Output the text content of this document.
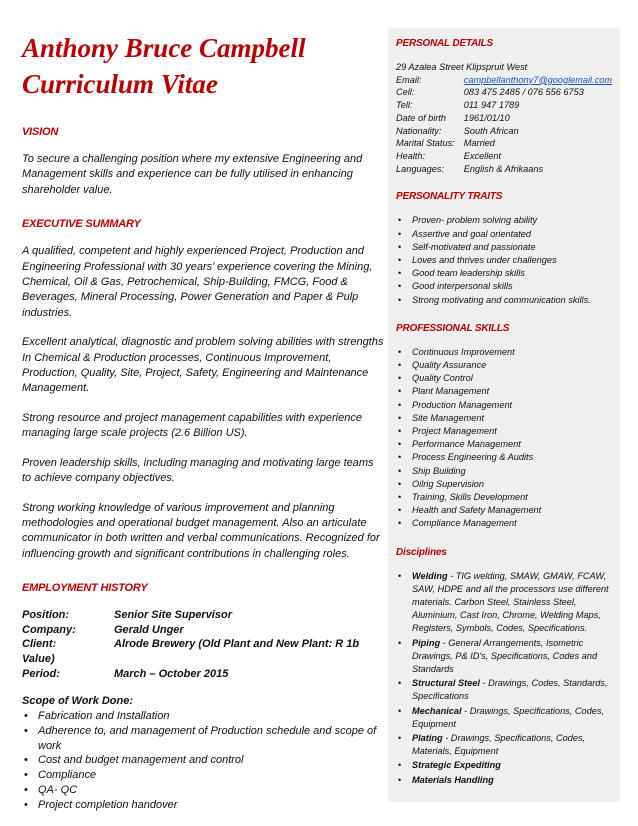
Anthony Bruce Campbell
Curriculum Vitae
VISION

To secure a challenging position where my extensive Engineering and Management skills and experience can be fully utilised in enhancing shareholder value.

EXECUTIVE SUMMARY

A qualified, competent and highly experienced Project, Production and Engineering Professional with 30 years’ experience covering the Mining, Chemical, Oil & Gas, Petrochemical, Ship-Building, FMCG, Food & Beverages, Mineral Processing, Power Generation and Paper & Pulp industries.

Excellent analytical, diagnostic and problem solving abilities with strengths In Chemical & Production processes, Continuous Improvement, Production, Quality, Site, Project, Safety, Engineering and Maintenance Management.

Strong resource and project management capabilities with experience managing large scale projects (2.6 Billion US).

Proven leadership skills, including managing and motivating large teams to achieve company objectives.

Strong working knowledge of various improvement and planning methodologies and operational budget management. Also an articulate communicator in both written and verbal communications. Recognized for influencing growth and significant contributions in challenging roles.

EMPLOYMENT HISTORY
Position:	Senior Site Supervisor
Company:	Gerald Unger
Client:	Alrode Brewery (Old Plant and New Plant: R 1b Value)
Period:	March – October 2015
Scope of Work Done:
• Fabrication and Installation
• Adherence to, and management of Production schedule and scope of work
• Cost and budget management and control
• Compliance
• QA- QC
• Project completion handover
PERSONAL DETAILS
29 Azalea Street Klipspruit West
Email:	campbellanthony7@googlemail.com
Cell:	083 475 2485 / 076 556 6753
Tell:	011 947 1789
Date of birth	1961/01/10
Nationality:	South African
Marital Status:	Married
Health:	Excellent
Languages:	English & Afrikaans
PERSONALITY TRAITS
• Proven- problem solving ability
• Assertive and goal orientated
• Self-motivated and passionate
• Loves and thrives under challenges
• Good team leadership skills
• Good interpersonal skills
• Strong motivating and communication skills.
PROFESSIONAL SKILLS
• Continuous Improvement
• Quality Assurance
• Quality Control
• Plant Management
• Production Management
• Site Management
• Project Management
• Performance Management
• Process Engineering & Audits
• Ship Building
• Oilrig Supervision
• Training, Skills Development
• Health and Safety Management
• Compliance Management
Disciplines
• Welding - TIG welding, SMAW, GMAW, FCAW, SAW, HDPE and all the processors use different materials. Carbon Steel, Stainless Steel, Aluminium, Cast Iron, Chrome, Welding Maps, Registers, Symbols, Codes, Specifications.
• Piping - General Arrangements, Isometric Drawings, P& ID's, Specifications, Codes and Standards
• Structural Steel - Drawings, Codes, Standards, Specifications
• Mechanical - Drawings, Specifications, Codes, Equipment
• Plating - Drawings, Specifications, Codes, Materials, Equipment
• Strategic Expediting
• Materials Handling
